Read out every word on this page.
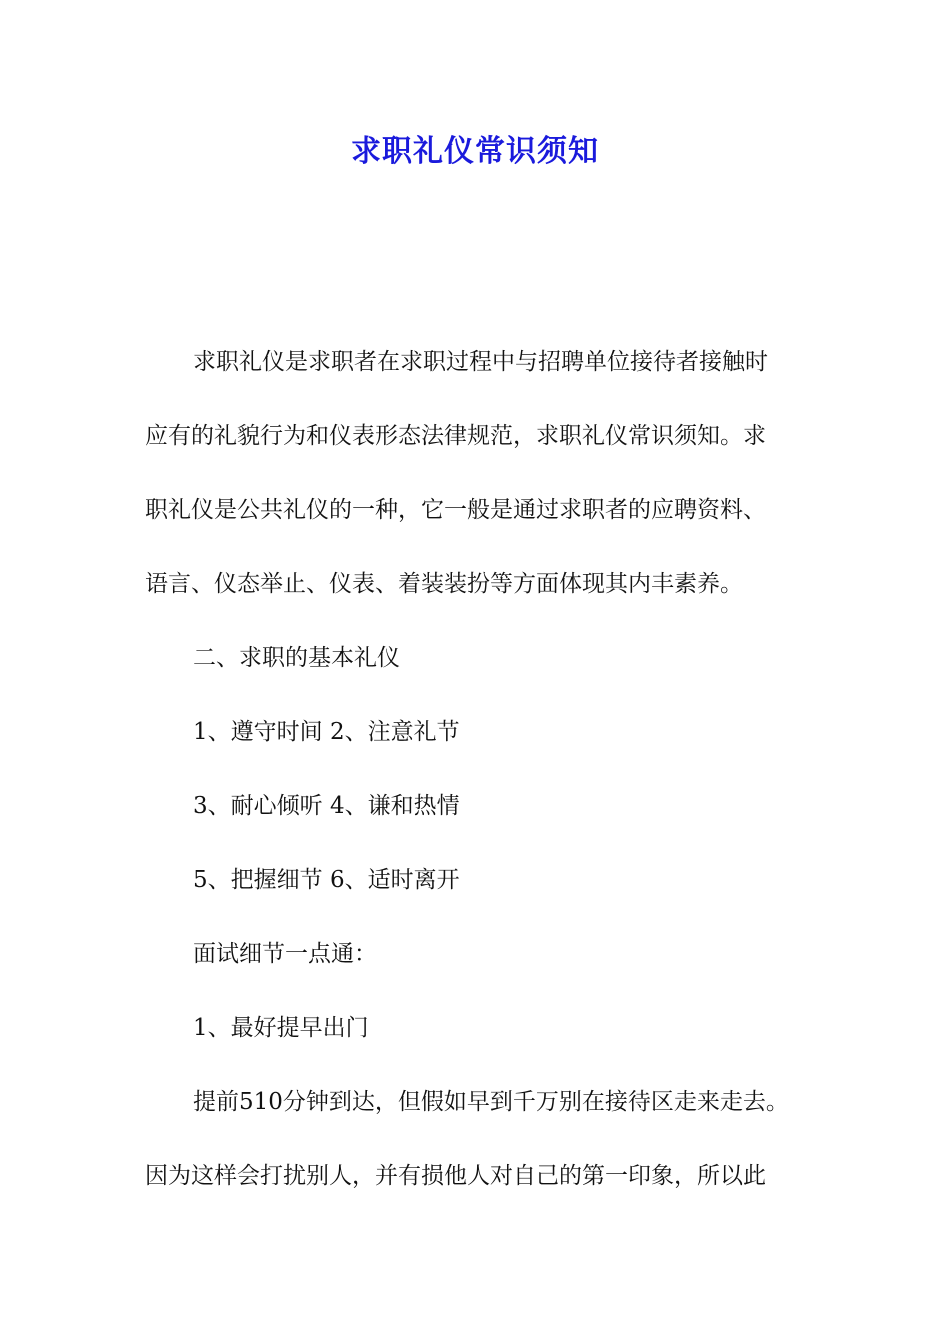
求职礼仪常识须知
求职礼仪是求职者在求职过程中与招聘单位接待者接触时
应有的礼貌行为和仪表形态法律规范，求职礼仪常识须知。求
职礼仪是公共礼仪的一种，它一般是通过求职者的应聘资料、
语言、仪态举止、仪表、着装装扮等方面体现其内丰素养。
二、求职的基本礼仪
1、遵守时间 2、注意礼节
3、耐心倾听 4、谦和热情
5、把握细节 6、适时离开
面试细节一点通：
1、最好提早出门
提前510分钟到达，但假如早到千万别在接待区走来走去。
因为这样会打扰别人，并有损他人对自己的第一印象，所以此
